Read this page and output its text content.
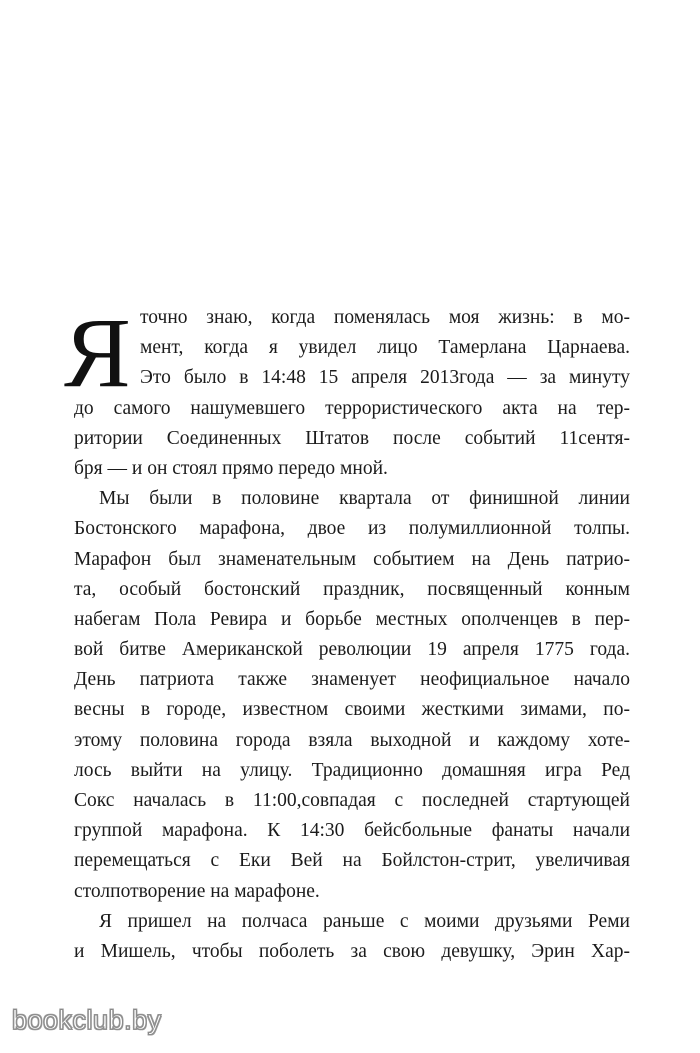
Я точно знаю, когда поменялась моя жизнь: в мо-
мент, когда я увидел лицо Тамерлана Царнаева.
Это было в 14:48 15 апреля 2013года — за минуту
до самого нашумевшего террористического акта на тер-
ритории Соединенных Штатов после событий 11сентя-
бря — и он стоял прямо передо мной.
Мы были в половине квартала от финишной линии
Бостонского марафона, двое из полумиллионной толпы.
Марафон был знаменательным событием на День патрио-
та, особый бостонский праздник, посвященный конным
набегам Пола Ревира и борьбе местных ополченцев в пер-
вой битве Американской революции 19 апреля 1775 года.
День патриота также знаменует неофициальное начало
весны в городе, известном своими жесткими зимами, по-
этому половина города взяла выходной и каждому хоте-
лось выйти на улицу. Традиционно домашняя игра Ред
Сокс началась в 11:00,совпадая с последней стартующей
группой марафона. К 14:30 бейсбольные фанаты начали
перемещаться с Еки Вей на Бойлстон-стрит, увеличивая
столпотворение на марафоне.
Я пришел на полчаса раньше с моими друзьями Реми
и Мишель, чтобы поболеть за свою девушку, Эрин Хар-
bookclub.by
